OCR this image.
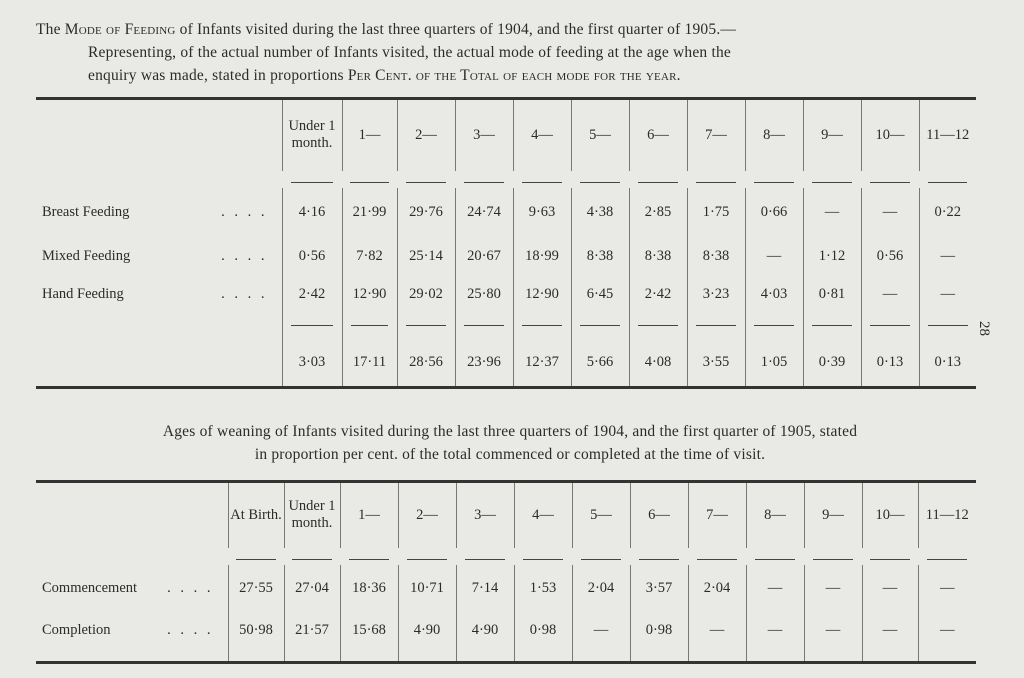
The Mode of Feeding of Infants visited during the last three quarters of 1904, and the first quarter of 1905.—
Representing, of the actual number of Infants visited, the actual mode of feeding at the age when the
enquiry was made, stated in proportions Per Cent. of the Total of each mode for the year.
	Under 1 month.	1—	2—	3—	4—	5—	6—	7—	8—	9—	10—	11—12

. . . .
Breast Feeding	4·16	21·99	29·76	24·74	9·63	4·38	2·85	1·75	0·66	—	—	0·22

. . . .
Mixed Feeding	0·56	7·82	25·14	20·67	18·99	8·38	8·38	8·38	—	1·12	0·56	—

. . . .
Hand Feeding	2·42	12·90	29·02	25·80	12·90	6·45	2·42	3·23	4·03	0·81	—	—

	3·03	17·11	28·56	23·96	12·37	5·66	4·08	3·55	1·05	0·39	0·13	0·13
28
Ages of weaning of Infants visited during the last three quarters of 1904, and the first quarter of 1905, stated
in proportion per cent. of the total commenced or completed at the time of visit.
	At Birth.	Under 1 month.	1—	2—	3—	4—	5—	6—	7—	8—	9—	10—	11—12

. . . .
Commencement	27·55	27·04	18·36	10·71	7·14	1·53	2·04	3·57	2·04	—	—	—	—

. . . .
Completion	50·98	21·57	15·68	4·90	4·90	0·98	—	0·98	—	—	—	—	—
